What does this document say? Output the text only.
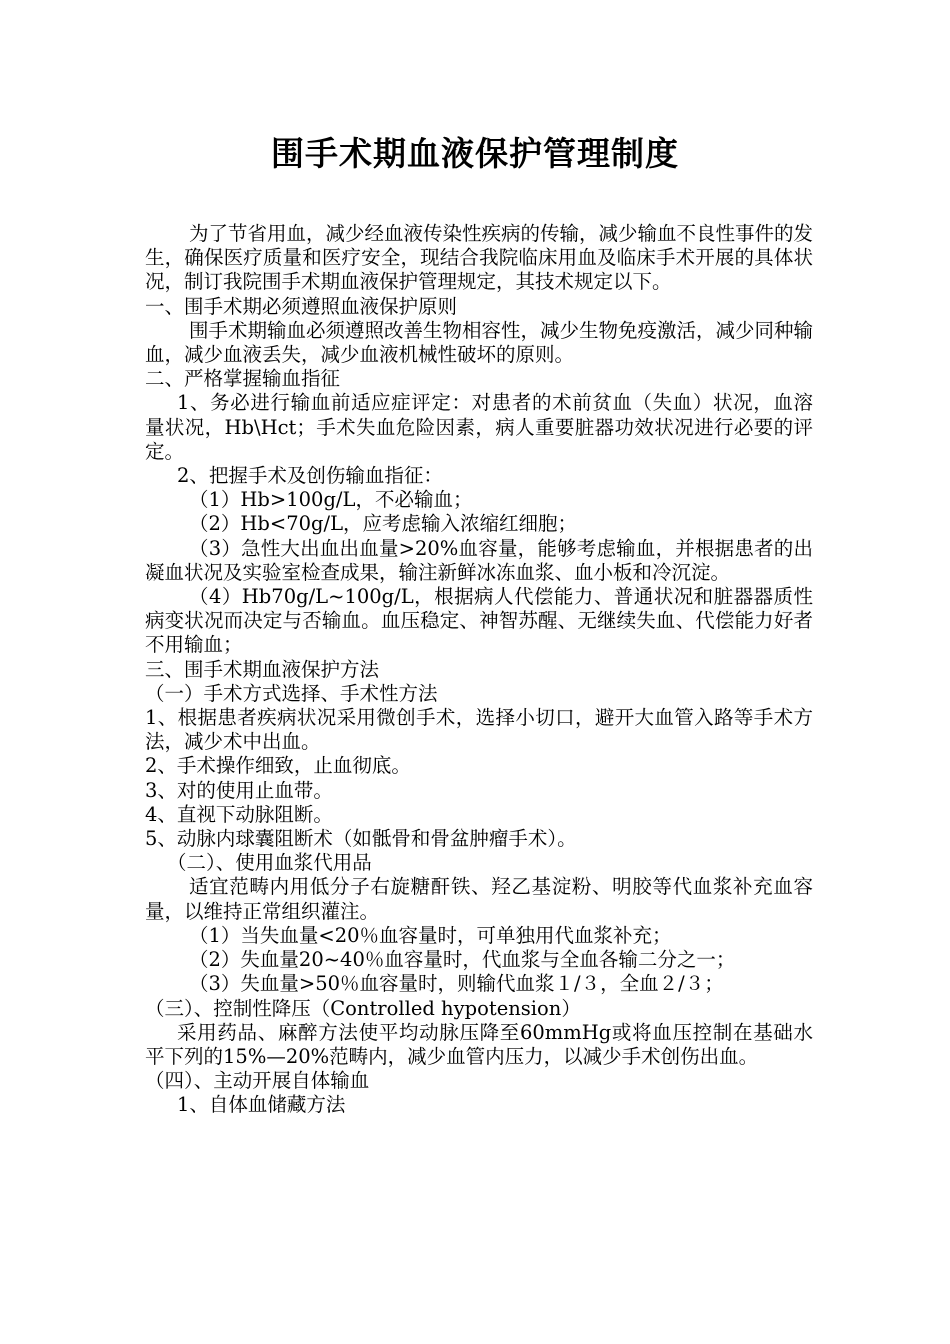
围手术期血液保护管理制度

为了节省用血，减少经血液传染性疾病的传输，减少输血不良性事件的发生，确保医疗质量和医疗安全，现结合我院临床用血及临床手术开展的具体状况，制订我院围手术期血液保护管理规定，其技术规定以下。

一、围手术期必须遵照血液保护原则

围手术期输血必须遵照改善生物相容性，减少生物免疫激活，减少同种输血，减少血液丢失，减少血液机械性破坏的原则。

二、严格掌握输血指征

1、务必进行输血前适应症评定：对患者的术前贫血（失血）状况，血溶量状况，Hb\Hct；手术失血危险因素，病人重要脏器功效状况进行必要的评定。

2、把握手术及创伤输血指征：

（1）Hb>100g/L，不必输血；

（2）Hb<70g/L，应考虑输入浓缩红细胞；

（3）急性大出血出血量>20%血容量，能够考虑输血，并根据患者的出凝血状况及实验室检查成果，输注新鲜冰冻血浆、血小板和冷沉淀。

（4）Hb70g/L~100g/L，根据病人代偿能力、普通状况和脏器器质性病变状况而决定与否输血。血压稳定、神智苏醒、无继续失血、代偿能力好者不用输血；

三、围手术期血液保护方法

（一）手术方式选择、手术性方法

1、根据患者疾病状况采用微创手术，选择小切口，避开大血管入路等手术方法，减少术中出血。

2、手术操作细致，止血彻底。

3、对的使用止血带。

4、直视下动脉阻断。

5、动脉内球囊阻断术（如骶骨和骨盆肿瘤手术）。

（二）、使用血浆代用品

适宜范畴内用低分子右旋糖酐铁、羟乙基淀粉、明胶等代血浆补充血容量，以维持正常组织灌注。

（1）当失血量<20％血容量时，可单独用代血浆补充；

（2）失血量20~40％血容量时，代血浆与全血各输二分之一；

（3）失血量>50％血容量时，则输代血浆１/３，全血２/３；

（三）、控制性降压（Controlled hypotension）

采用药品、麻醉方法使平均动脉压降至60mmHg或将血压控制在基础水平下列的15%—20%范畴内，减少血管内压力，以减少手术创伤出血。

（四）、主动开展自体输血

1、自体血储藏方法
